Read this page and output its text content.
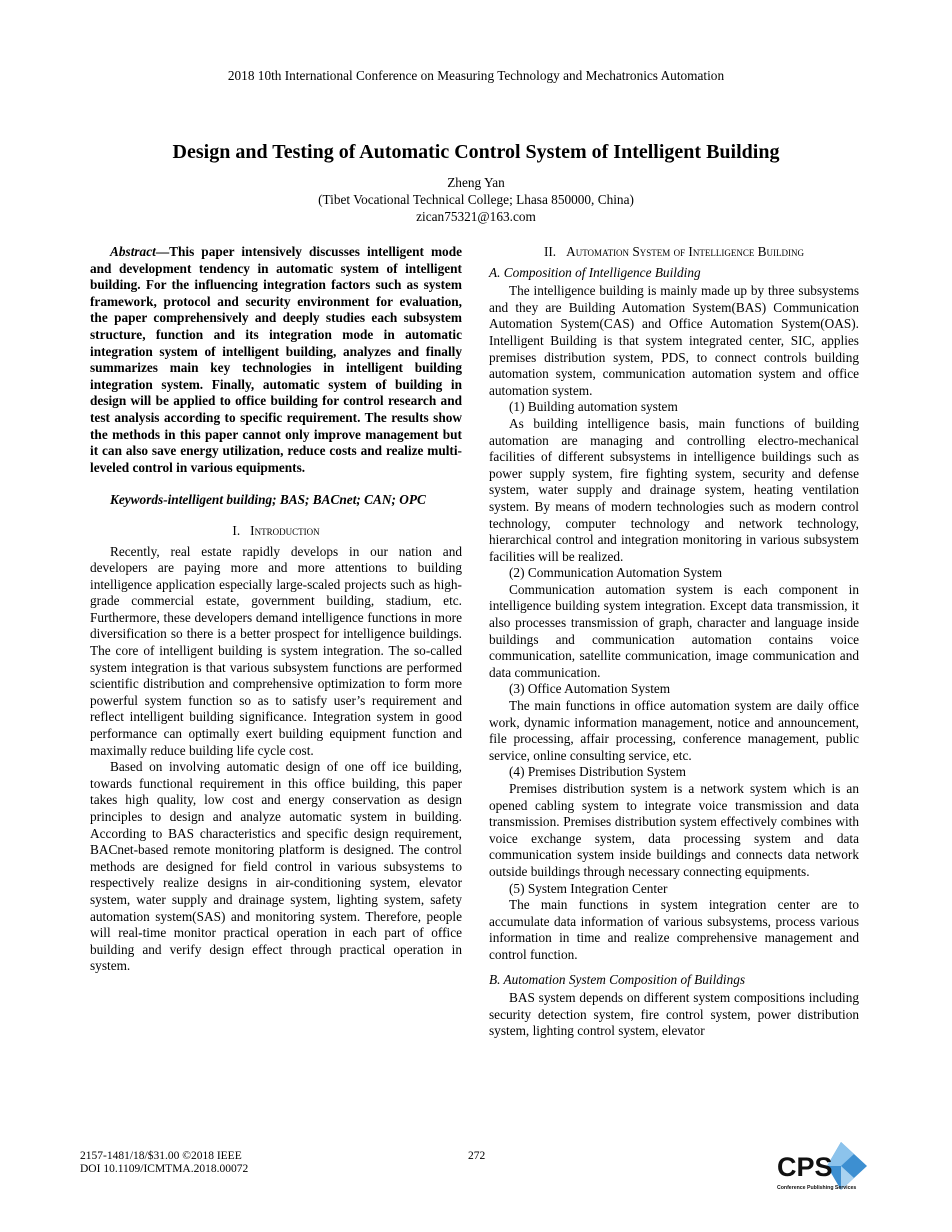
2018 10th International Conference on Measuring Technology and Mechatronics Automation
Design and Testing of Automatic Control System of Intelligent Building
Zheng Yan
(Tibet Vocational Technical College; Lhasa 850000, China)
zican75321@163.com

Abstract—This paper intensively discusses intelligent mode and development tendency in automatic system of intelligent building. For the influencing integration factors such as system framework, protocol and security environment for evaluation, the paper comprehensively and deeply studies each subsystem structure, function and its integration mode in automatic integration system of intelligent building, analyzes and finally summarizes main key technologies in intelligent building integration system. Finally, automatic system of building in design will be applied to office building for control research and test analysis according to specific requirement. The results show the methods in this paper cannot only improve management but it can also save energy utilization, reduce costs and realize multi-leveled control in various equipments.

Keywords-intelligent building; BAS; BACnet; CAN; OPC

I. Introduction

Recently, real estate rapidly develops in our nation and developers are paying more and more attentions to building intelligence application especially large-scaled projects such as high-grade commercial estate, government building, stadium, etc. Furthermore, these developers demand intelligence functions in more diversification so there is a better prospect for intelligence buildings. The core of intelligent building is system integration. The so-called system integration is that various subsystem functions are performed scientific distribution and comprehensive optimization to form more powerful system function so as to satisfy user’s requirement and reflect intelligent building significance. Integration system in good performance can optimally exert building equipment function and maximally reduce building life cycle cost.

Based on involving automatic design of one off ice building, towards functional requirement in this office building, this paper takes high quality, low cost and energy conservation as design principles to design and analyze automatic system in building. According to BAS characteristics and specific design requirement, BACnet-based remote monitoring platform is designed. The control methods are designed for field control in various subsystems to respectively realize designs in air-conditioning system, elevator system, water supply and drainage system, lighting system, safety automation system(SAS) and monitoring system. Therefore, people will real-time monitor practical operation in each part of office building and verify design effect through practical operation in system.

II. Automation System of Intelligence Building

A. Composition of Intelligence Building

The intelligence building is mainly made up by three subsystems and they are Building Automation System(BAS) Communication Automation System(CAS) and Office Automation System(OAS). Intelligent Building is that system integrated center, SIC, applies premises distribution system, PDS, to connect controls building automation system, communication automation system and office automation system.

(1) Building automation system

As building intelligence basis, main functions of building automation are managing and controlling electro-mechanical facilities of different subsystems in intelligence buildings such as power supply system, fire fighting system, security and defense system, water supply and drainage system, heating ventilation system. By means of modern technologies such as modern control technology, computer technology and network technology, hierarchical control and integration monitoring in various subsystem facilities will be realized.

(2) Communication Automation System

Communication automation system is each component in intelligence building system integration. Except data transmission, it also processes transmission of graph, character and language inside buildings and communication automation contains voice communication, satellite communication, image communication and data communication.

(3) Office Automation System

The main functions in office automation system are daily office work, dynamic information management, notice and announcement, file processing, affair processing, conference management, public service, online consulting service, etc.

(4) Premises Distribution System

Premises distribution system is a network system which is an opened cabling system to integrate voice transmission and data transmission. Premises distribution system effectively combines with voice exchange system, data processing system and data communication system inside buildings and connects data network outside buildings through necessary connecting equipments.

(5) System Integration Center

The main functions in system integration center are to accumulate data information of various subsystems, process various information in time and realize comprehensive management and control function.

B. Automation System Composition of Buildings

BAS system depends on different system compositions including security detection system, fire control system, power distribution system, lighting control system, elevator

2157-1481/18/$31.00 ©2018 IEEE
DOI 10.1109/ICMTMA.2018.00072
272	CPS
Conference Publishing Services
